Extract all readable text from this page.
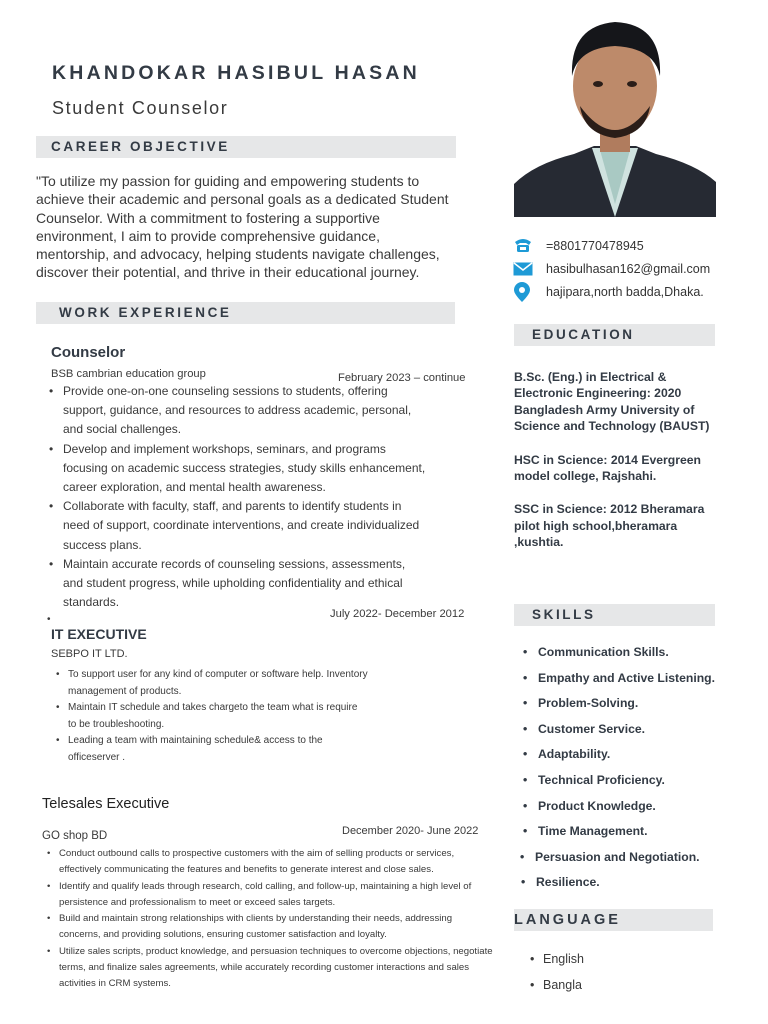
KHANDOKAR HASIBUL HASAN
Student Counselor
CAREER OBJECTIVE
"To utilize my passion for guiding and empowering students to achieve their academic and personal goals as a dedicated Student Counselor. With a commitment to fostering a supportive environment, I aim to provide comprehensive guidance, mentorship, and advocacy, helping students navigate challenges, discover their potential, and thrive in their educational journey.
WORK EXPERIENCE
Counselor
BSB cambrian education group	February 2023 – continue
• Provide one-on-one counseling sessions to students, offering support, guidance, and resources to address academic, personal, and social challenges.
• Develop and implement workshops, seminars, and programs focusing on academic success strategies, study skills enhancement, career exploration, and mental health awareness.
• Collaborate with faculty, staff, and parents to identify students in need of support, coordinate interventions, and create individualized success plans.
• Maintain accurate records of counseling sessions, assessments, and student progress, while upholding confidentiality and ethical standards.
•	July 2022- December 2012
IT EXECUTIVE
SEBPO IT LTD.
• To support user for any kind of computer or software help. Inventory management of products.
• Maintain IT schedule and takes chargeto the team what is require to be troubleshooting.
• Leading a team with maintaining schedule& access to the officeserver .
Telesales Executive
December 2020- June 2022
GO shop BD
• Conduct outbound calls to prospective customers with the aim of selling products or services, effectively communicating the features and benefits to generate interest and close sales.
• Identify and qualify leads through research, cold calling, and follow-up, maintaining a high level of persistence and professionalism to meet or exceed sales targets.
• Build and maintain strong relationships with clients by understanding their needs, addressing concerns, and providing solutions, ensuring customer satisfaction and loyalty.
• Utilize sales scripts, product knowledge, and persuasion techniques to overcome objections, negotiate terms, and finalize sales agreements, while accurately recording customer interactions and sales activities in CRM systems.
=8801770478945
hasibulhasan162@gmail.com
hajipara,north badda,Dhaka.
EDUCATION

B.Sc. (Eng.) in Electrical & Electronic Engineering: 2020 Bangladesh Army University of Science and Technology (BAUST)

HSC in Science: 2014 Evergreen model college, Rajshahi.

SSC in Science: 2012 Bheramara pilot high school,bheramara ,kushtia.

SKILLS
• Communication Skills.
• Empathy and Active Listening.
• Problem-Solving.
• Customer Service.
• Adaptability.
• Technical Proficiency.
• Product Knowledge.
• Time Management.
• Persuasion and Negotiation.
• Resilience.
LANGUAGE
• English
• Bangla
